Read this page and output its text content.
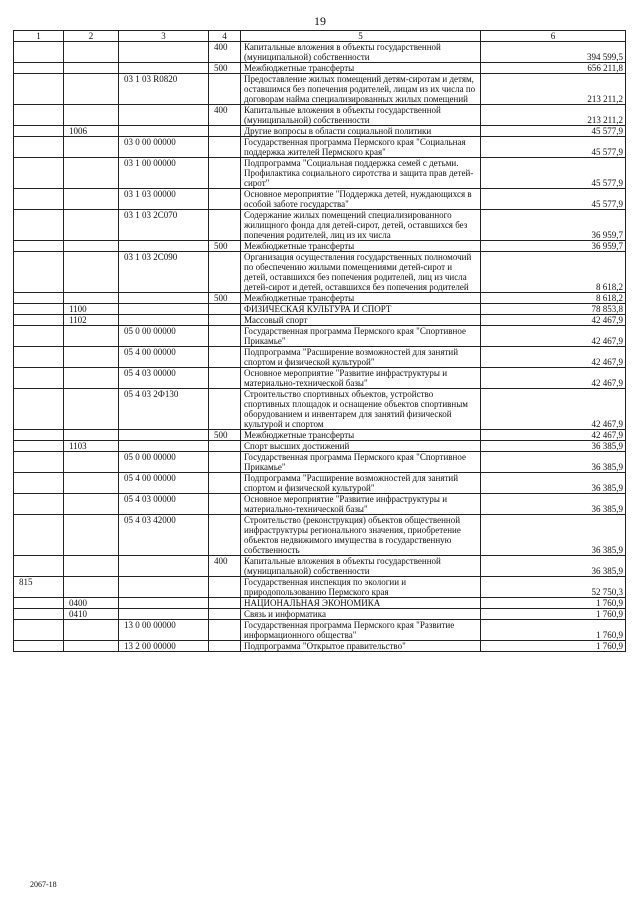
19
1	2	3	4	5	6
			400	Капитальные вложения в объекты государственной (муниципальной) собственности	394 599,5
			500	Межбюджетные трансферты	656 211,8
		03 1 03 R0820		Предоставление жилых помещений детям-сиротам и детям, оставшимся без попечения родителей, лицам из их числа по договорам найма специализированных жилых помещений	213 211,2
			400	Капитальные вложения в объекты государственной (муниципальной) собственности	213 211,2
	1006			Другие вопросы в области социальной политики	45 577,9
		03 0 00 00000		Государственная программа Пермского края "Социальная поддержка жителей Пермского края"	45 577,9
		03 1 00 00000		Подпрограмма "Социальная поддержка семей с детьми. Профилактика социального сиротства и защита прав детей-сирот"	45 577,9
		03 1 03 00000		Основное мероприятие "Поддержка детей, нуждающихся в особой заботе государства"	45 577,9
		03 1 03 2С070		Содержание жилых помещений специализированного жилищного фонда для детей-сирот, детей, оставшихся без попечения родителей, лиц из их числа	36 959,7
			500	Межбюджетные трансферты	36 959,7
		03 1 03 2С090		Организация осуществления государственных полномочий по обеспечению жилыми помещениями детей-сирот и детей, оставшихся без попечения родителей, лиц из числа детей-сирот и детей, оставшихся без попечения родителей	8 618,2
			500	Межбюджетные трансферты	8 618,2
	1100			ФИЗИЧЕСКАЯ КУЛЬТУРА И СПОРТ	78 853,8
	1102			Массовый спорт	42 467,9
		05 0 00 00000		Государственная программа Пермского края "Спортивное Прикамье"	42 467,9
		05 4 00 00000		Подпрограмма "Расширение возможностей для занятий спортом и физической культурой"	42 467,9
		05 4 03 00000		Основное мероприятие "Развитие инфраструктуры и материально-технической базы"	42 467,9
		05 4 03 2Ф130		Строительство спортивных объектов, устройство спортивных площадок и оснащение объектов спортивным оборудованием и инвентарем для занятий физической культурой и спортом	42 467,9
			500	Межбюджетные трансферты	42 467,9
	1103			Спорт высших достижений	36 385,9
		05 0 00 00000		Государственная программа Пермского края "Спортивное Прикамье"	36 385,9
		05 4 00 00000		Подпрограмма "Расширение возможностей для занятий спортом и физической культурой"	36 385,9
		05 4 03 00000		Основное мероприятие "Развитие инфраструктуры и материально-технической базы"	36 385,9
		05 4 03 42000		Строительство (реконструкция) объектов общественной инфраструктуры регионального значения, приобретение объектов недвижимого имущества в государственную собственность	36 385,9
			400	Капитальные вложения в объекты государственной (муниципальной) собственности	36 385,9
815				Государственная инспекция по экологии и природопользованию Пермского края	52 750,3
	0400			НАЦИОНАЛЬНАЯ ЭКОНОМИКА	1 760,9
	0410			Связь и информатика	1 760,9
		13 0 00 00000		Государственная программа Пермского края "Развитие информационного общества"	1 760,9
		13 2 00 00000		Подпрограмма "Открытое правительство"	1 760,9
2067-18
